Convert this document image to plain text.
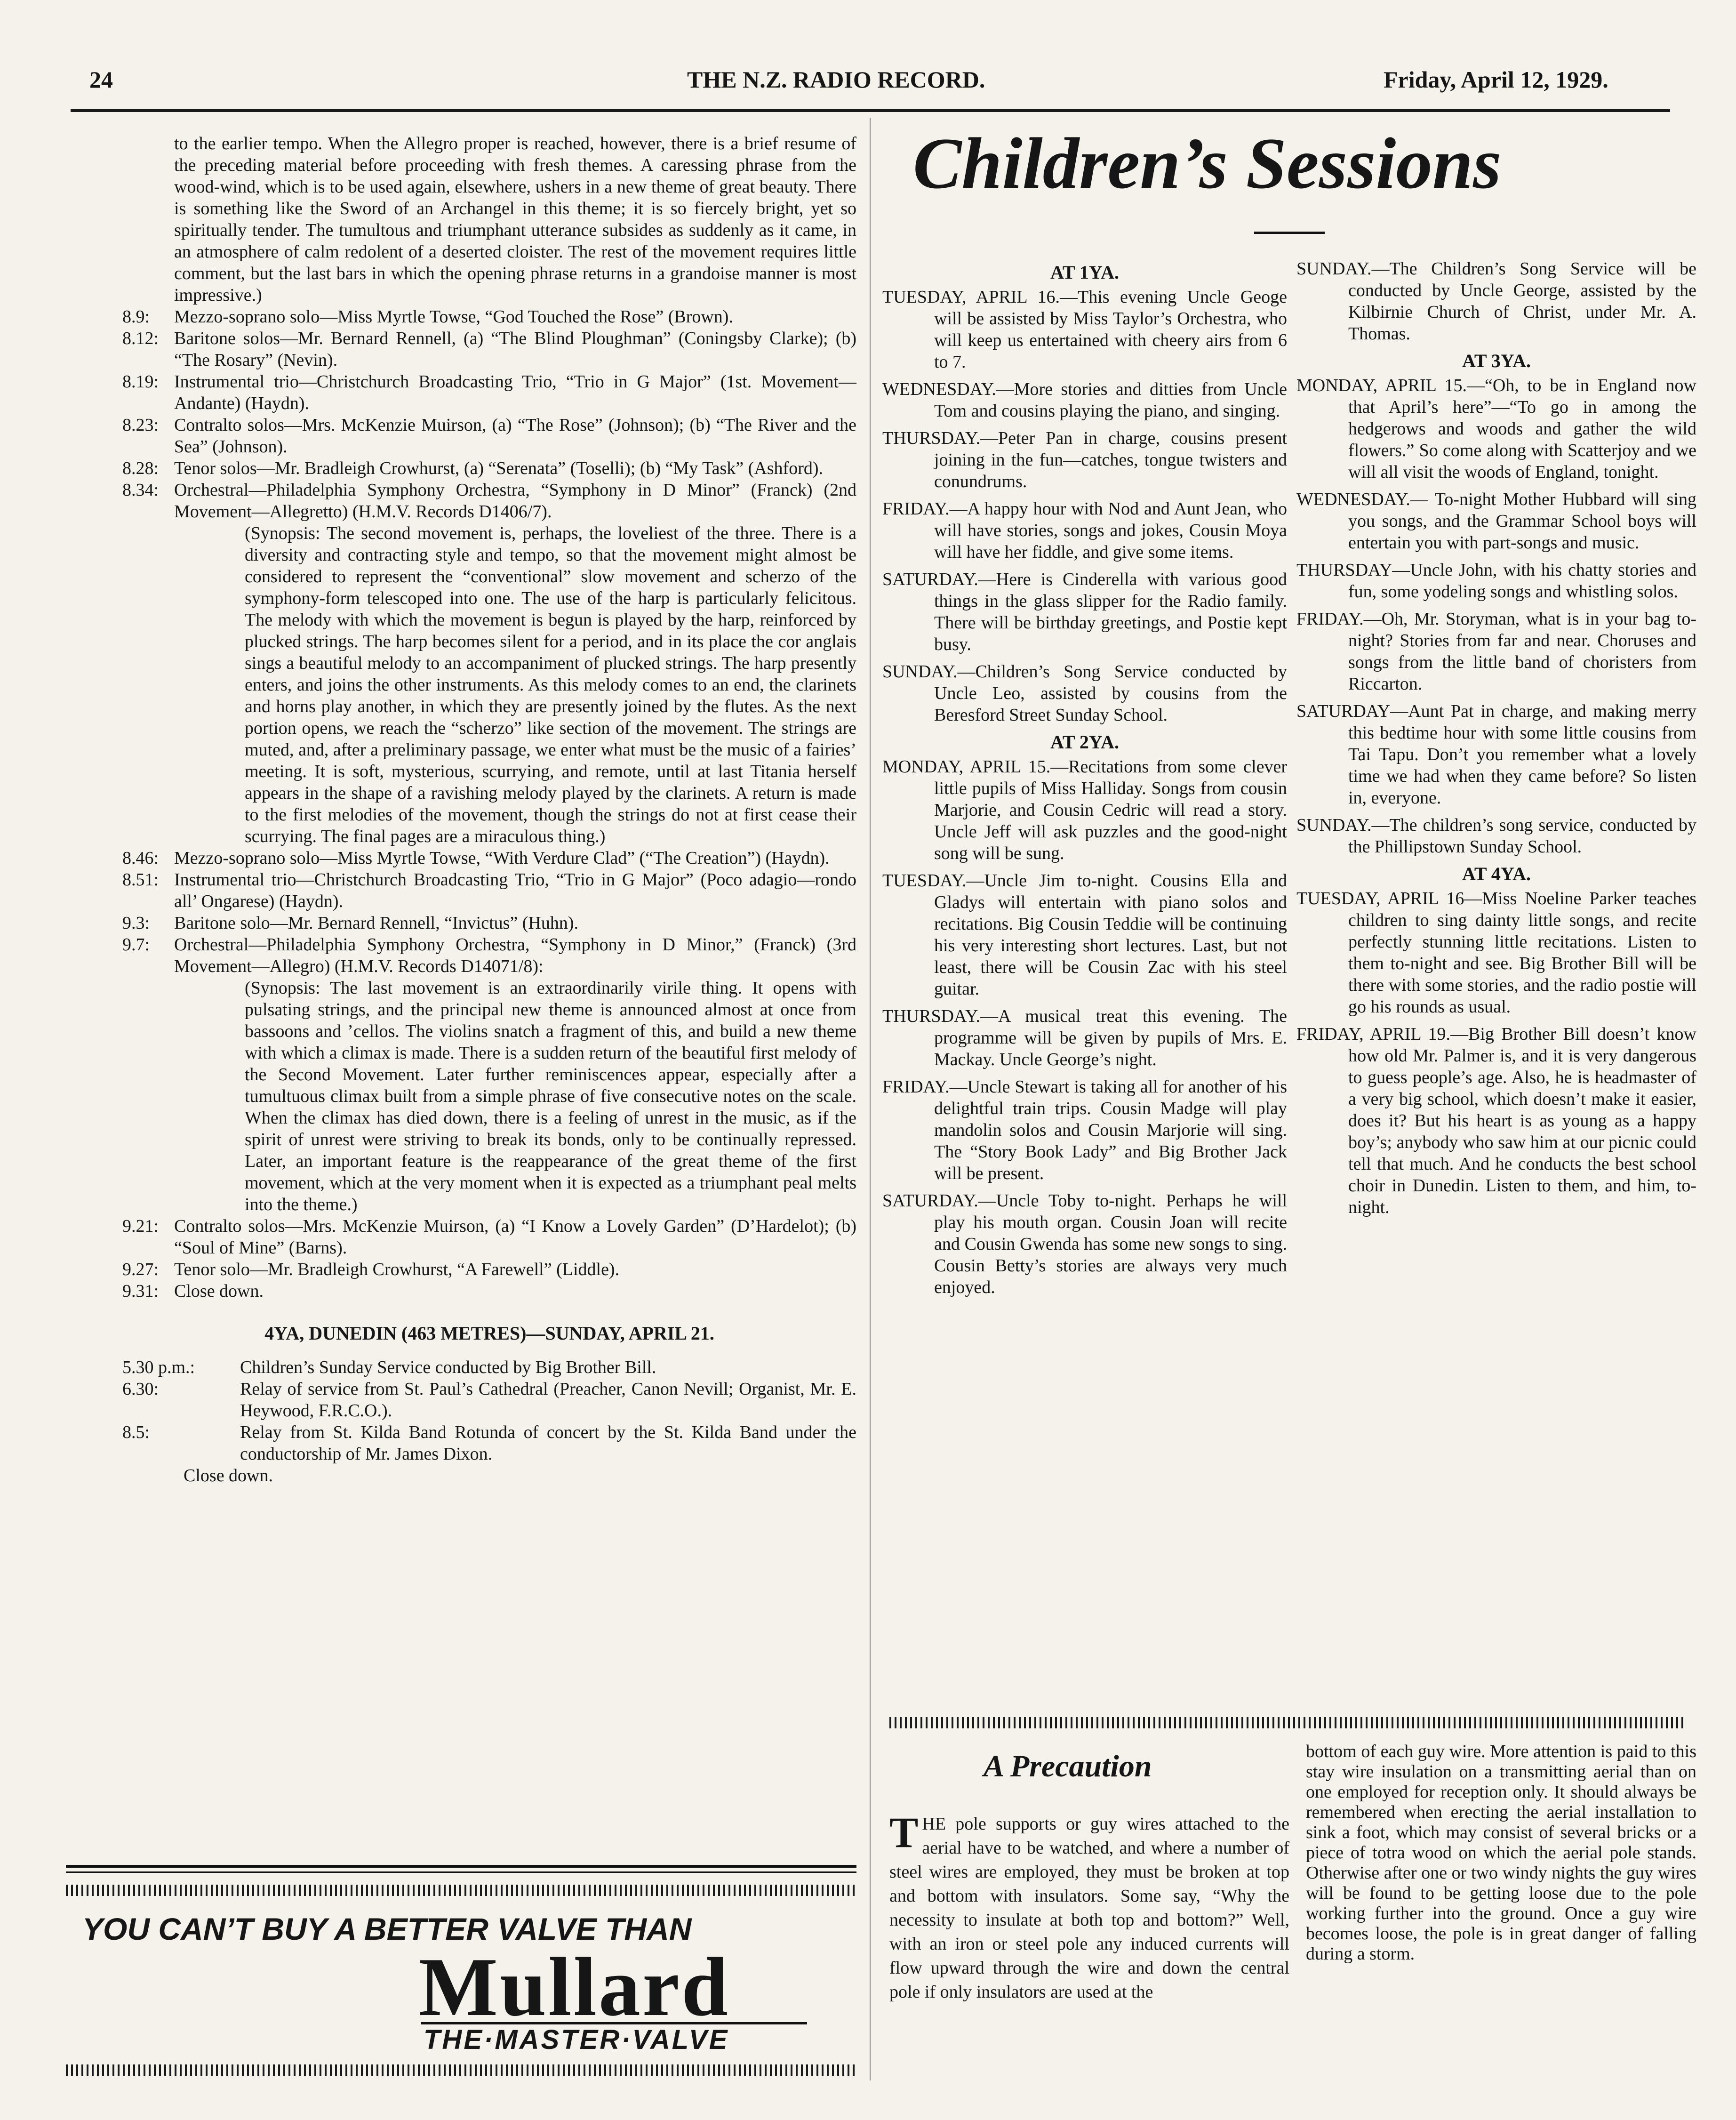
24	THE N.Z. RADIO RECORD.	Friday, April 12, 1929.

to the earlier tempo. When the Allegro proper is reached, however, there is a brief resume of the preceding material before proceeding with fresh themes. A caressing phrase from the wood-wind, which is to be used again, elsewhere, ushers in a new theme of great beauty. There is something like the Sword of an Archangel in this theme; it is so fiercely bright, yet so spiritually tender. The tumultous and triumphant utterance subsides as suddenly as it came, in an atmosphere of calm redolent of a deserted cloister. The rest of the movement requires little comment, but the last bars in which the opening phrase returns in a grandoise manner is most impressive.)

8.9:	Mezzo-soprano solo—Miss Myrtle Towse, “God Touched the Rose” (Brown).
8.12: Baritone solos—Mr. Bernard Rennell, (a) “The Blind Ploughman” (Coningsby Clarke); (b) “The Rosary” (Nevin).
8.19: Instrumental trio—Christchurch Broadcasting Trio, “Trio in G Major” (1st. Movement—Andante) (Haydn).
8.23: Contralto solos—Mrs. McKenzie Muirson, (a) “The Rose” (Johnson); (b) “The River and the Sea” (Johnson).
8.28: Tenor solos—Mr. Bradleigh Crowhurst, (a) “Serenata” (Toselli); (b) “My Task” (Ashford).
8.34: Orchestral—Philadelphia Symphony Orchestra, “Symphony in D Minor” (Franck) (2nd Movement—Allegretto) (H.M.V. Records D1406/7).

(Synopsis: The second movement is, perhaps, the loveliest of the three. There is a diversity and contracting style and tempo, so that the movement might almost be considered to represent the “conventional” slow movement and scherzo of the symphony-form telescoped into one. The use of the harp is particularly felicitous. The melody with which the movement is begun is played by the harp, reinforced by plucked strings. The harp becomes silent for a period, and in its place the cor anglais sings a beautiful melody to an accompaniment of plucked strings. The harp presently enters, and joins the other instruments. As this melody comes to an end, the clarinets and horns play another, in which they are presently joined by the flutes. As the next portion opens, we reach the “scherzo” like section of the movement. The strings are muted, and, after a preliminary passage, we enter what must be the music of a fairies’ meeting. It is soft, mysterious, scurrying, and remote, until at last Titania herself appears in the shape of a ravishing melody played by the clarinets. A return is made to the first melodies of the movement, though the strings do not at first cease their scurrying. The final pages are a miraculous thing.)

8.46: Mezzo-soprano solo—Miss Myrtle Towse, “With Verdure Clad” (“The Creation”) (Haydn).
8.51: Instrumental trio—Christchurch Broadcasting Trio, “Trio in G Major” (Poco adagio—rondo all’ Ongarese) (Haydn).
9.3:	Baritone solo—Mr. Bernard Rennell, “Invictus” (Huhn).
9.7:	Orchestral—Philadelphia Symphony Orchestra, “Symphony in D Minor,” (Franck) (3rd Movement—Allegro) (H.M.V. Records D14071/8):

(Synopsis: The last movement is an extraordinarily virile thing. It opens with pulsating strings, and the principal new theme is announced almost at once from bassoons and ’cellos. The violins snatch a fragment of this, and build a new theme with which a climax is made. There is a sudden return of the beautiful first melody of the Second Movement. Later further reminiscences appear, especially after a tumultuous climax built from a simple phrase of five consecutive notes on the scale. When the climax has died down, there is a feeling of unrest in the music, as if the spirit of unrest were striving to break its bonds, only to be continually repressed. Later, an important feature is the reappearance of the great theme of the first movement, which at the very moment when it is expected as a triumphant peal melts into the theme.)

9.21: Contralto solos—Mrs. McKenzie Muirson, (a) “I Know a Lovely Garden” (D’Hardelot); (b) “Soul of Mine” (Barns).
9.27: Tenor solo—Mr. Bradleigh Crowhurst, “A Farewell” (Liddle).
9.31: Close down.
4YA, DUNEDIN (463 METRES)—SUNDAY, APRIL 21.
5.30 p.m.:	Children’s Sunday Service conducted by Big Brother Bill.
6.30:	Relay of service from St. Paul’s Cathedral (Preacher, Canon Nevill; Organist, Mr. E. Heywood, F.R.C.O.).
8.5:	Relay from St. Kilda Band Rotunda of concert by the St. Kilda Band under the conductorship of Mr. James Dixon.

Close down.

YOU CAN’T BUY A BETTER VALVE THAN
Mullard
THE·MASTER·VALVE
Children’s Sessions

AT 1YA.

TUESDAY, APRIL 16.—This evening Uncle Geoge will be assisted by Miss Taylor’s Orchestra, who will keep us entertained with cheery airs from 6 to 7.

WEDNESDAY.—More stories and ditties from Uncle Tom and cousins playing the piano, and singing.

THURSDAY.—Peter Pan in charge, cousins present joining in the fun—catches, tongue twisters and conundrums.

FRIDAY.—A happy hour with Nod and Aunt Jean, who will have stories, songs and jokes, Cousin Moya will have her fiddle, and give some items.

SATURDAY.—Here is Cinderella with various good things in the glass slipper for the Radio family. There will be birthday greetings, and Postie kept busy.

SUNDAY.—Children’s Song Service conducted by Uncle Leo, assisted by cousins from the Beresford Street Sunday School.

AT 2YA.

MONDAY, APRIL 15.—Recitations from some clever little pupils of Miss Halliday. Songs from cousin Marjorie, and Cousin Cedric will read a story. Uncle Jeff will ask puzzles and the good-night song will be sung.

TUESDAY.—Uncle Jim to-night. Cousins Ella and Gladys will entertain with piano solos and recitations. Big Cousin Teddie will be continuing his very interesting short lectures. Last, but not least, there will be Cousin Zac with his steel guitar.

THURSDAY.—A musical treat this evening. The programme will be given by pupils of Mrs. E. Mackay. Uncle George’s night.

FRIDAY.—Uncle Stewart is taking all for another of his delightful train trips. Cousin Madge will play mandolin solos and Cousin Marjorie will sing. The “Story Book Lady” and Big Brother Jack will be present.

SATURDAY.—Uncle Toby to-night. Perhaps he will play his mouth organ. Cousin Joan will recite and Cousin Gwenda has some new songs to sing. Cousin Betty’s stories are always very much enjoyed.

SUNDAY.—The Children’s Song Service will be conducted by Uncle George, assisted by the Kilbirnie Church of Christ, under Mr. A. Thomas.

AT 3YA.

MONDAY, APRIL 15.—“Oh, to be in England now that April’s here”—“To go in among the hedgerows and woods and gather the wild flowers.” So come along with Scatterjoy and we will all visit the woods of England, tonight.

WEDNESDAY.— To-night Mother Hubbard will sing you songs, and the Grammar School boys will entertain you with part-songs and music.

THURSDAY—Uncle John, with his chatty stories and fun, some yodeling songs and whistling solos.

FRIDAY.—Oh, Mr. Storyman, what is in your bag to-night? Stories from far and near. Choruses and songs from the little band of choristers from Riccarton.

SATURDAY—Aunt Pat in charge, and making merry this bedtime hour with some little cousins from Tai Tapu. Don’t you remember what a lovely time we had when they came before? So listen in, everyone.

SUNDAY.—The children’s song service, conducted by the Phillipstown Sunday School.

AT 4YA.

TUESDAY, APRIL 16—Miss Noeline Parker teaches children to sing dainty little songs, and recite perfectly stunning little recitations. Listen to them to-night and see. Big Brother Bill will be there with some stories, and the radio postie will go his rounds as usual.

FRIDAY, APRIL 19.—Big Brother Bill doesn’t know how old Mr. Palmer is, and it is very dangerous to guess people’s age. Also, he is headmaster of a very big school, which doesn’t make it easier, does it? But his heart is as young as a happy boy’s; anybody who saw him at our picnic could tell that much. And he conducts the best school choir in Dunedin. Listen to them, and him, to-night.

A Precaution
THE pole supports or guy wires attached to the aerial have to be watched, and where a number of steel wires are employed, they must be broken at top and bottom with insulators. Some say, “Why the necessity to insulate at both top and bottom?” Well, with an iron or steel pole any induced currents will flow upward through the wire and down the central pole if only insulators are used at the

bottom of each guy wire. More attention is paid to this stay wire insulation on a transmitting aerial than on one employed for reception only. It should always be remembered when erecting the aerial installation to sink a foot, which may consist of several bricks or a piece of totra wood on which the aerial pole stands. Otherwise after one or two windy nights the guy wires will be found to be getting loose due to the pole working further into the ground. Once a guy wire becomes loose, the pole is in great danger of falling during a storm.
